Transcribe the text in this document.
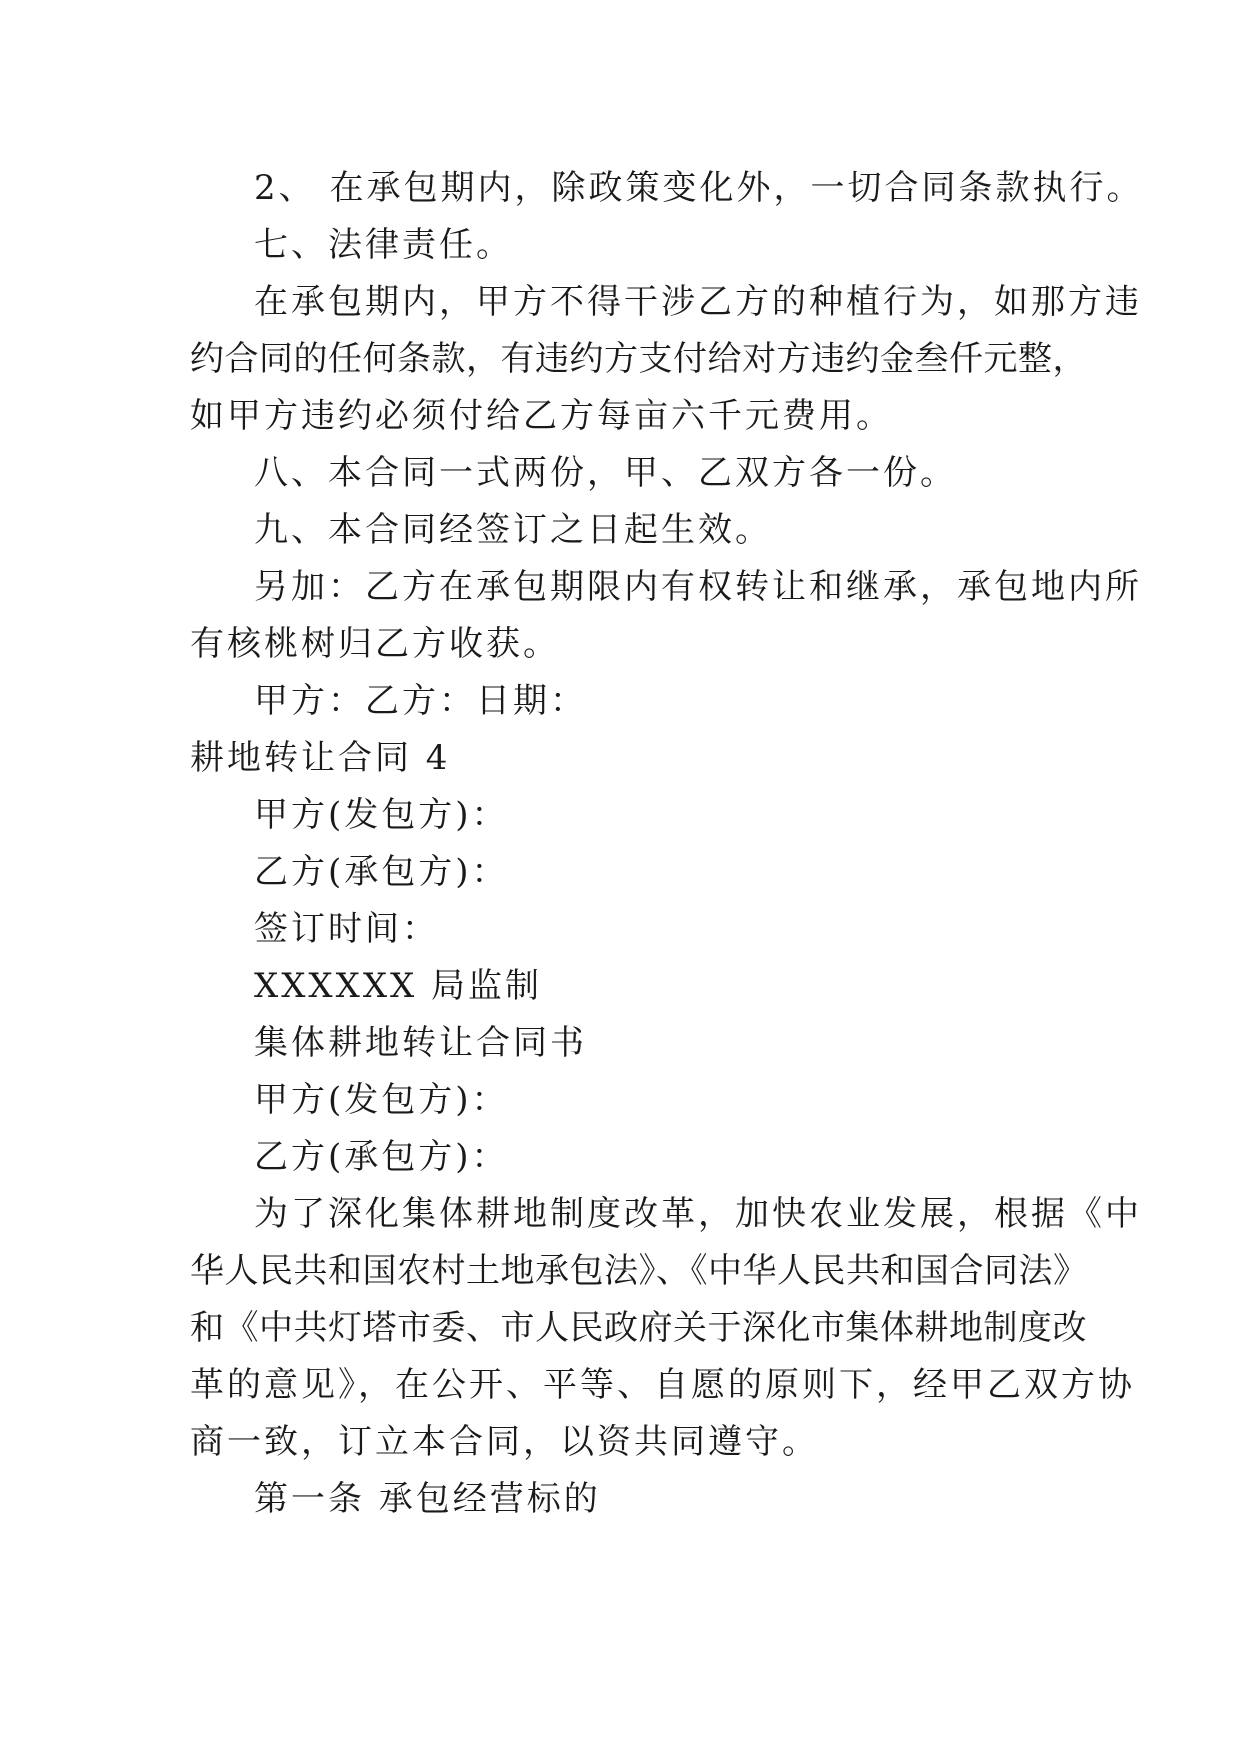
2、 在承包期内，除政策变化外，一切合同条款执行。
七、法律责任。
在承包期内，甲方不得干涉乙方的种植行为，如那方违
约合同的任何条款，有违约方支付给对方违约金叁仟元整，
如甲方违约必须付给乙方每亩六千元费用。
八、本合同一式两份，甲、乙双方各一份。
九、本合同经签订之日起生效。
另加：乙方在承包期限内有权转让和继承，承包地内所
有核桃树归乙方收获。
甲方：乙方：日期：
耕地转让合同 4
甲方(发包方)：
乙方(承包方)：
签订时间：
XXXXXX 局监制
集体耕地转让合同书
甲方(发包方)：
乙方(承包方)：
为了深化集体耕地制度改革，加快农业发展，根据《中
华人民共和国农村土地承包法》、《中华人民共和国合同法》
和《中共灯塔市委、市人民政府关于深化市集体耕地制度改
革的意见》，在公开、平等、自愿的原则下，经甲乙双方协
商一致，订立本合同，以资共同遵守。
第一条 承包经营标的
